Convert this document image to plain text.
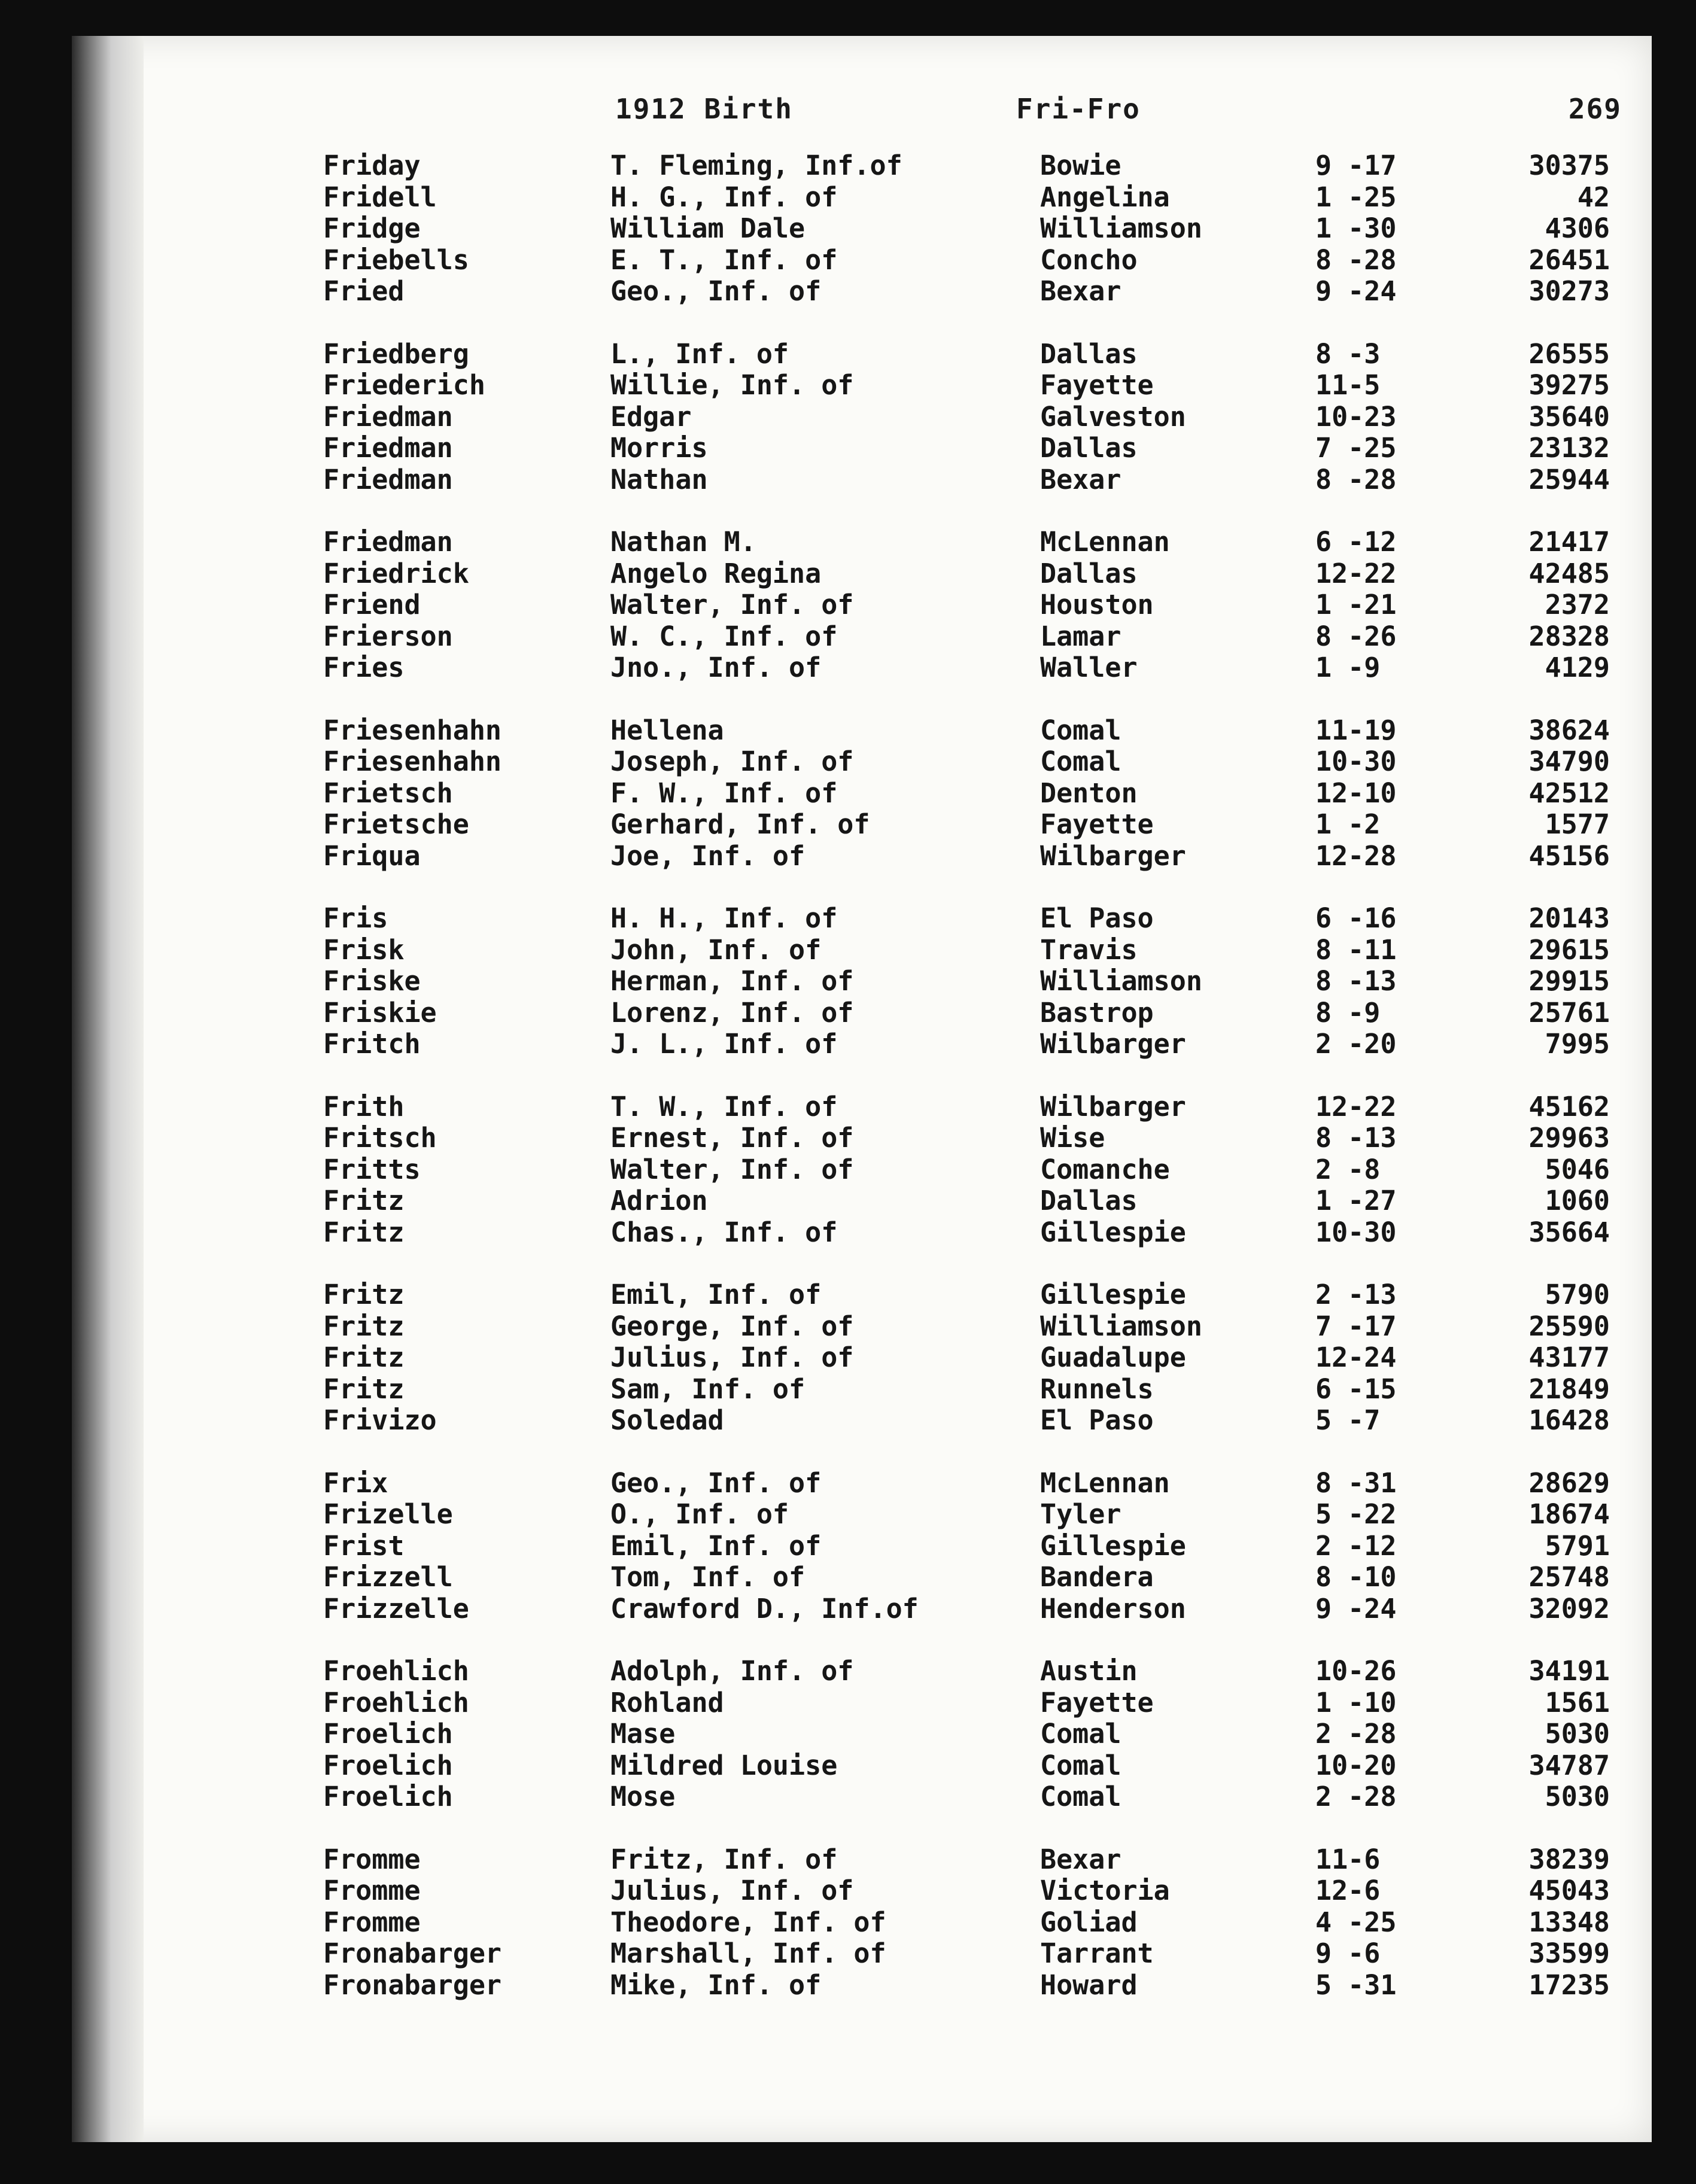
1912 Birth	Fri-Fro	269
Friday	T. Fleming, Inf.of	Bowie	9 -17	30375
Fridell	H. G., Inf. of	Angelina	1 -25	42
Fridge	William Dale	Williamson	1 -30	4306
Friebells	E. T., Inf. of	Concho	8 -28	26451
Fried	Geo., Inf. of	Bexar	9 -24	30273
Friedberg	L., Inf. of	Dallas	8 -3	26555
Friederich	Willie, Inf. of	Fayette	11-5	39275
Friedman	Edgar	Galveston	10-23	35640
Friedman	Morris	Dallas	7 -25	23132
Friedman	Nathan	Bexar	8 -28	25944
Friedman	Nathan M.	McLennan	6 -12	21417
Friedrick	Angelo Regina	Dallas	12-22	42485
Friend	Walter, Inf. of	Houston	1 -21	2372
Frierson	W. C., Inf. of	Lamar	8 -26	28328
Fries	Jno., Inf. of	Waller	1 -9	4129
Friesenhahn	Hellena	Comal	11-19	38624
Friesenhahn	Joseph, Inf. of	Comal	10-30	34790
Frietsch	F. W., Inf. of	Denton	12-10	42512
Frietsche	Gerhard, Inf. of	Fayette	1 -2	1577
Friqua	Joe, Inf. of	Wilbarger	12-28	45156
Fris	H. H., Inf. of	El Paso	6 -16	20143
Frisk	John, Inf. of	Travis	8 -11	29615
Friske	Herman, Inf. of	Williamson	8 -13	29915
Friskie	Lorenz, Inf. of	Bastrop	8 -9	25761
Fritch	J. L., Inf. of	Wilbarger	2 -20	7995
Frith	T. W., Inf. of	Wilbarger	12-22	45162
Fritsch	Ernest, Inf. of	Wise	8 -13	29963
Fritts	Walter, Inf. of	Comanche	2 -8	5046
Fritz	Adrion	Dallas	1 -27	1060
Fritz	Chas., Inf. of	Gillespie	10-30	35664
Fritz	Emil, Inf. of	Gillespie	2 -13	5790
Fritz	George, Inf. of	Williamson	7 -17	25590
Fritz	Julius, Inf. of	Guadalupe	12-24	43177
Fritz	Sam, Inf. of	Runnels	6 -15	21849
Frivizo	Soledad	El Paso	5 -7	16428
Frix	Geo., Inf. of	McLennan	8 -31	28629
Frizelle	O., Inf. of	Tyler	5 -22	18674
Frist	Emil, Inf. of	Gillespie	2 -12	5791
Frizzell	Tom, Inf. of	Bandera	8 -10	25748
Frizzelle	Crawford D., Inf.of	Henderson	9 -24	32092
Froehlich	Adolph, Inf. of	Austin	10-26	34191
Froehlich	Rohland	Fayette	1 -10	1561
Froelich	Mase	Comal	2 -28	5030
Froelich	Mildred Louise	Comal	10-20	34787
Froelich	Mose	Comal	2 -28	5030
Fromme	Fritz, Inf. of	Bexar	11-6	38239
Fromme	Julius, Inf. of	Victoria	12-6	45043
Fromme	Theodore, Inf. of	Goliad	4 -25	13348
Fronabarger	Marshall, Inf. of	Tarrant	9 -6	33599
Fronabarger	Mike, Inf. of	Howard	5 -31	17235
